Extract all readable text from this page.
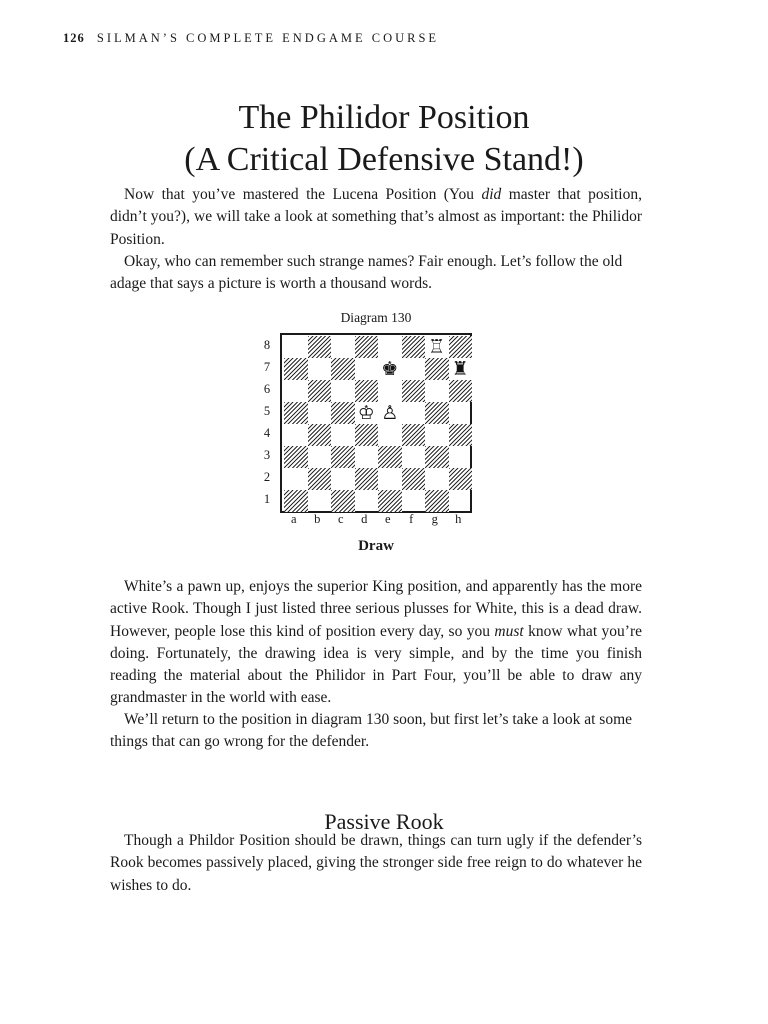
126 SILMAN’S COMPLETE ENDGAME COURSE
The Philidor Position
(A Critical Defensive Stand!)

Now that you’ve mastered the Lucena Position (You did master that position, didn’t you?), we will take a look at something that’s almost as important: the Philidor Position.

Okay, who can remember such strange names? Fair enough. Let’s follow the old adage that says a picture is worth a thousand words.

Diagram 130
8
7
6
5
4
3
2
1
♖
♚	♜
♔ ♙
a	b	c	d	e	f	g	h
Draw

White’s a pawn up, enjoys the superior King position, and apparently has the more active Rook. Though I just listed three serious plusses for White, this is a dead draw. However, people lose this kind of position every day, so you must know what you’re doing. Fortunately, the drawing idea is very simple, and by the time you finish reading the material about the Philidor in Part Four, you’ll be able to draw any grandmaster in the world with ease.

We’ll return to the position in diagram 130 soon, but first let’s take a look at some things that can go wrong for the defender.

Passive Rook

Though a Phildor Position should be drawn, things can turn ugly if the defender’s Rook becomes passively placed, giving the stronger side free reign to do whatever he wishes to do.
